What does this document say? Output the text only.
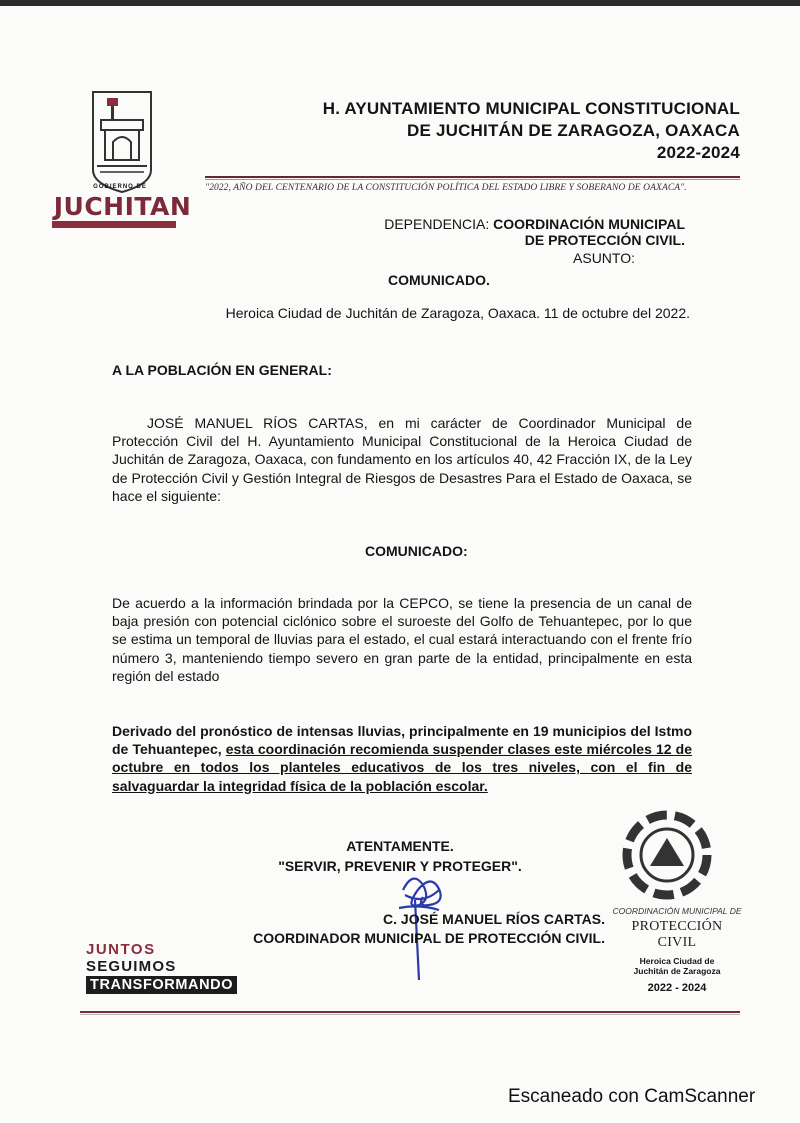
GOBIERNO DE
JUCHITAN
H. AYUNTAMIENTO MUNICIPAL CONSTITUCIONAL
DE JUCHITÁN DE ZARAGOZA, OAXACA
2022-2024
"2022, AÑO DEL CENTENARIO DE LA CONSTITUCIÓN POLÍTICA DEL ESTADO LIBRE Y SOBERANO DE OAXACA".
DEPENDENCIA: COORDINACIÓN MUNICIPAL
DE PROTECCIÓN CIVIL.
ASUNTO:
COMUNICADO.
Heroica Ciudad de Juchitán de Zaragoza, Oaxaca. 11 de octubre del 2022.
A LA POBLACIÓN EN GENERAL:
JOSÉ MANUEL RÍOS CARTAS, en mi carácter de Coordinador Municipal de Protección Civil del H. Ayuntamiento Municipal Constitucional de la Heroica Ciudad de Juchitán de Zaragoza, Oaxaca, con fundamento en los artículos 40, 42 Fracción IX, de la Ley de Protección Civil y Gestión Integral de Riesgos de Desastres Para el Estado de Oaxaca, se hace el siguiente:
COMUNICADO:
De acuerdo a la información brindada por la CEPCO, se tiene la presencia de un canal de baja presión con potencial ciclónico sobre el suroeste del Golfo de Tehuantepec, por lo que se estima un temporal de lluvias para el estado, el cual estará interactuando con el frente frío número 3, manteniendo tiempo severo en gran parte de la entidad, principalmente en esta región del estado
Derivado del pronóstico de intensas lluvias, principalmente en 19 municipios del Istmo de Tehuantepec, esta coordinación recomienda suspender clases este miércoles 12 de octubre en todos los planteles educativos de los tres niveles, con el fin de salvaguardar la integridad física de la población escolar.
ATENTAMENTE.
"SERVIR, PREVENIR Y PROTEGER".
C. JOSÉ MANUEL RÍOS CARTAS.
COORDINADOR MUNICIPAL DE PROTECCIÓN CIVIL.
JUNTOS
SEGUIMOS
TRANSFORMANDO
COORDINACIÓN MUNICIPAL DE
PROTECCIÓN CIVIL
Heroica Ciudad de
Juchitán de Zaragoza
2022 - 2024
Escaneado con CamScanner
